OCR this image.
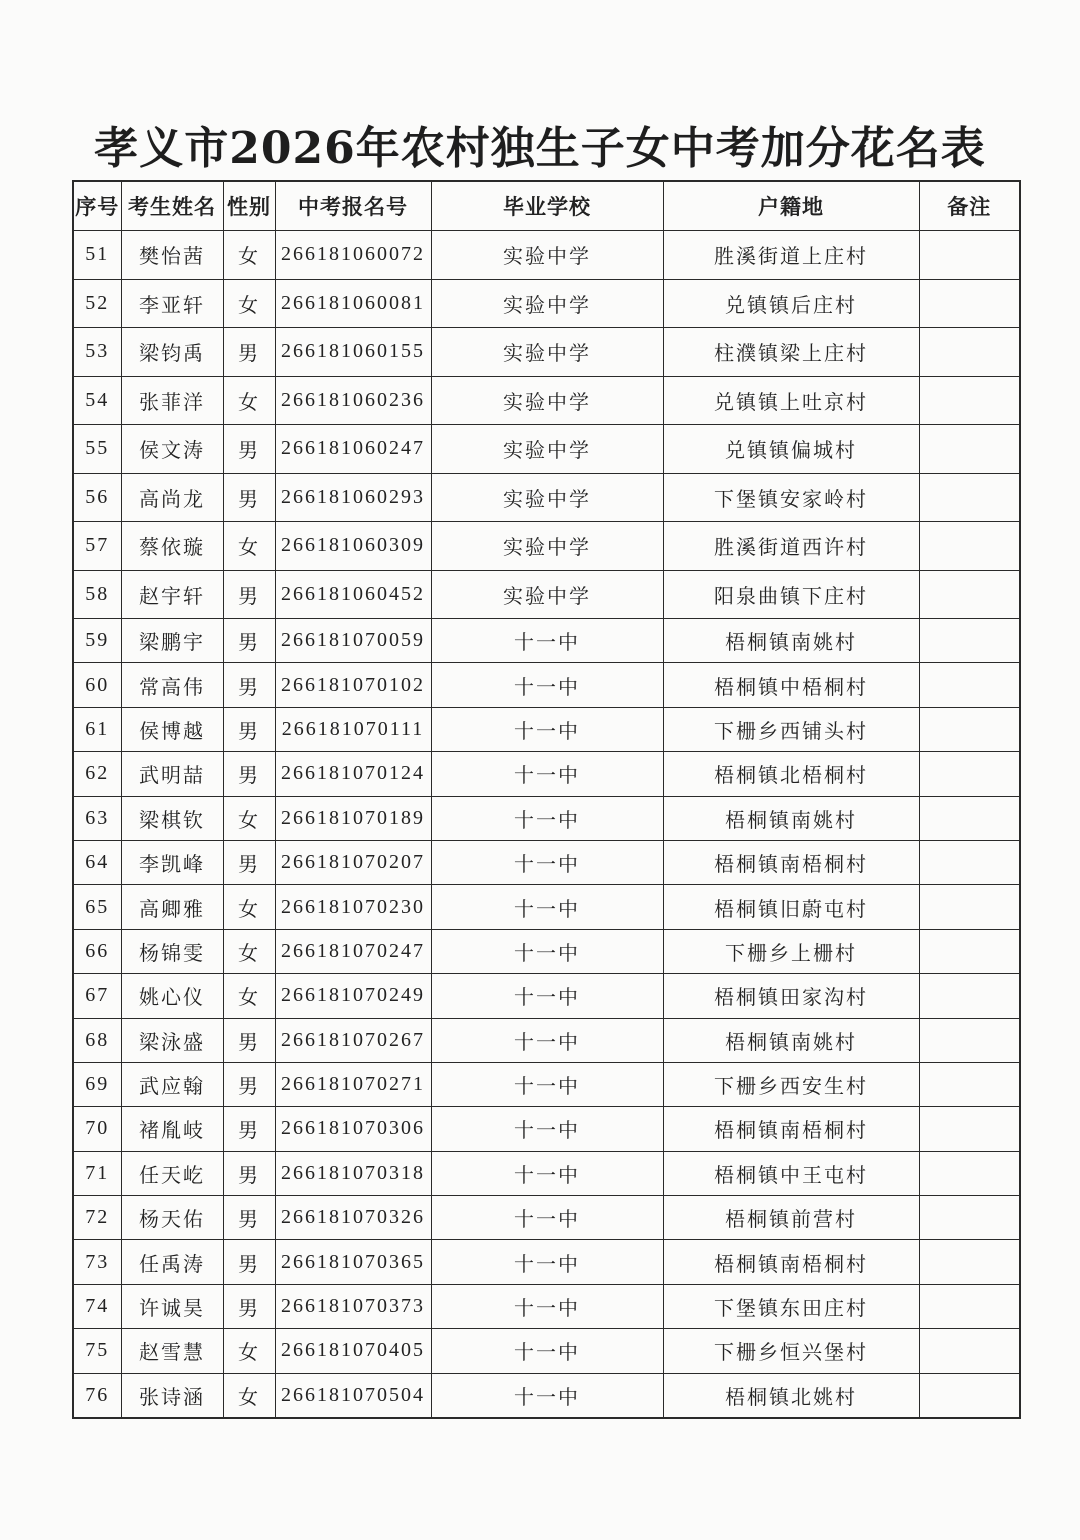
孝义市2026年农村独生子女中考加分花名表
序号	考生姓名	性别	中考报名号	毕业学校	户籍地	备注
51	樊怡茜	女	266181060072	实验中学	胜溪街道上庄村	
52	李亚轩	女	266181060081	实验中学	兑镇镇后庄村	
53	梁钧禹	男	266181060155	实验中学	柱濮镇梁上庄村	
54	张菲洋	女	266181060236	实验中学	兑镇镇上吐京村	
55	侯文涛	男	266181060247	实验中学	兑镇镇偏城村	
56	高尚龙	男	266181060293	实验中学	下堡镇安家岭村	
57	蔡依璇	女	266181060309	实验中学	胜溪街道西许村	
58	赵宇轩	男	266181060452	实验中学	阳泉曲镇下庄村	
59	梁鹏宇	男	266181070059	十一中	梧桐镇南姚村	
60	常高伟	男	266181070102	十一中	梧桐镇中梧桐村	
61	侯博越	男	266181070111	十一中	下栅乡西铺头村	
62	武明喆	男	266181070124	十一中	梧桐镇北梧桐村	
63	梁棋钦	女	266181070189	十一中	梧桐镇南姚村	
64	李凯峰	男	266181070207	十一中	梧桐镇南梧桐村	
65	高卿雅	女	266181070230	十一中	梧桐镇旧蔚屯村	
66	杨锦雯	女	266181070247	十一中	下栅乡上栅村	
67	姚心仪	女	266181070249	十一中	梧桐镇田家沟村	
68	梁泳盛	男	266181070267	十一中	梧桐镇南姚村	
69	武应翰	男	266181070271	十一中	下栅乡西安生村	
70	褚胤岐	男	266181070306	十一中	梧桐镇南梧桐村	
71	任天屹	男	266181070318	十一中	梧桐镇中王屯村	
72	杨天佑	男	266181070326	十一中	梧桐镇前营村	
73	任禹涛	男	266181070365	十一中	梧桐镇南梧桐村	
74	许诚昊	男	266181070373	十一中	下堡镇东田庄村	
75	赵雪慧	女	266181070405	十一中	下栅乡恒兴堡村	
76	张诗涵	女	266181070504	十一中	梧桐镇北姚村	
